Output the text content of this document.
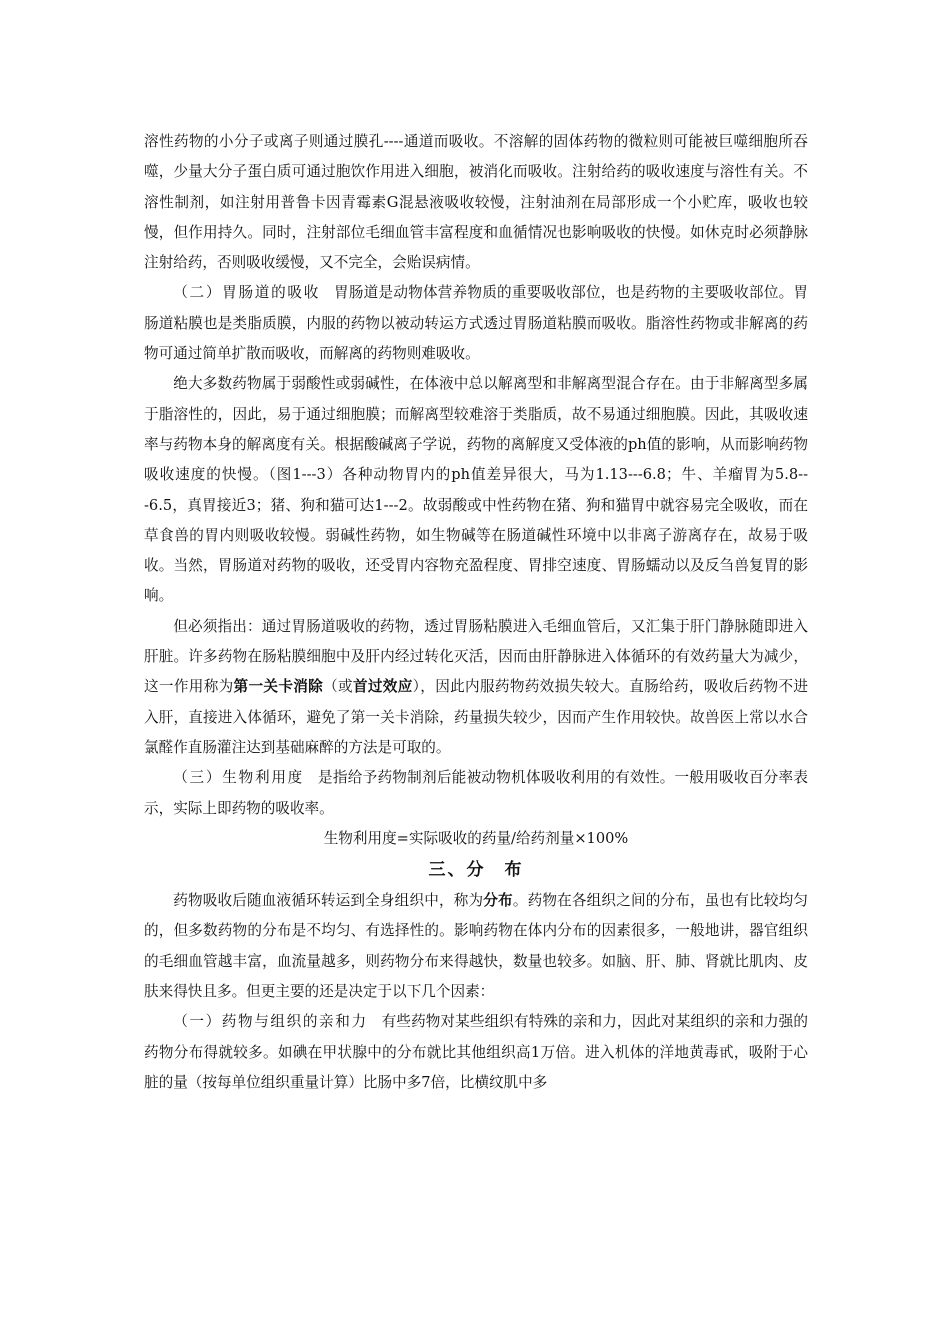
溶性药物的小分子或离子则通过膜孔----通道而吸收。不溶解的固体药物的微粒则可能被巨噬细胞所吞噬，少量大分子蛋白质可通过胞饮作用进入细胞，被消化而吸收。注射给药的吸收速度与溶性有关。不溶性制剂，如注射用普鲁卡因青霉素G混悬液吸收较慢，注射油剂在局部形成一个小贮库，吸收也较慢，但作用持久。同时，注射部位毛细血管丰富程度和血循情况也影响吸收的快慢。如休克时必须静脉注射给药，否则吸收缓慢，又不完全，会贻误病情。

（二）胃肠道的吸收 胃肠道是动物体营养物质的重要吸收部位，也是药物的主要吸收部位。胃肠道粘膜也是类脂质膜，内服的药物以被动转运方式透过胃肠道粘膜而吸收。脂溶性药物或非解离的药物可通过简单扩散而吸收，而解离的药物则难吸收。

绝大多数药物属于弱酸性或弱碱性，在体液中总以解离型和非解离型混合存在。由于非解离型多属于脂溶性的，因此，易于通过细胞膜；而解离型较难溶于类脂质，故不易通过细胞膜。因此，其吸收速率与药物本身的解离度有关。根据酸碱离子学说，药物的离解度又受体液的ph值的影响，从而影响药物吸收速度的快慢。（图1---3）各种动物胃内的ph值差异很大，马为1.13---6.8；牛、羊瘤胃为5.8---6.5，真胃接近3；猪、狗和猫可达1---2。故弱酸或中性药物在猪、狗和猫胃中就容易完全吸收，而在草食兽的胃内则吸收较慢。弱碱性药物，如生物碱等在肠道碱性环境中以非离子游离存在，故易于吸收。当然，胃肠道对药物的吸收，还受胃内容物充盈程度、胃排空速度、胃肠蠕动以及反刍兽复胃的影响。

但必须指出：通过胃肠道吸收的药物，透过胃肠粘膜进入毛细血管后，又汇集于肝门静脉随即进入肝脏。许多药物在肠粘膜细胞中及肝内经过转化灭活，因而由肝静脉进入体循环的有效药量大为减少，这一作用称为第一关卡消除（或首过效应），因此内服药物药效损失较大。直肠给药，吸收后药物不进入肝，直接进入体循环，避免了第一关卡消除，药量损失较少，因而产生作用较快。故兽医上常以水合氯醛作直肠灌注达到基础麻醉的方法是可取的。

（三）生物利用度 是指给予药物制剂后能被动物机体吸收利用的有效性。一般用吸收百分率表示，实际上即药物的吸收率。

生物利用度=实际吸收的药量/给药剂量×100%

三、分　布

药物吸收后随血液循环转运到全身组织中，称为分布。药物在各组织之间的分布，虽也有比较均匀的，但多数药物的分布是不均匀、有选择性的。影响药物在体内分布的因素很多，一般地讲，器官组织的毛细血管越丰富，血流量越多，则药物分布来得越快，数量也较多。如脑、肝、肺、肾就比肌肉、皮肤来得快且多。但更主要的还是决定于以下几个因素：

（一）药物与组织的亲和力 有些药物对某些组织有特殊的亲和力，因此对某组织的亲和力强的药物分布得就较多。如碘在甲状腺中的分布就比其他组织高1万倍。进入机体的洋地黄毒甙，吸附于心脏的量（按每单位组织重量计算）比肠中多7倍，比横纹肌中多
